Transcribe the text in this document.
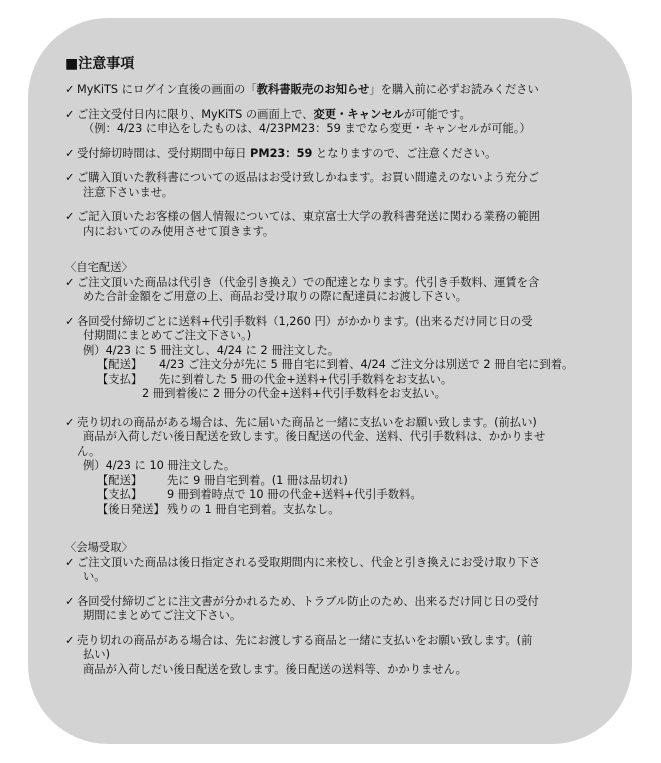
■注意事項
✓ MyKiTS にログイン直後の画面の「教科書販売のお知らせ」を購入前に必ずお読みください
✓ ご注文受付日内に限り、MyKiTS の画面上で、変更・キャンセルが可能です。
（例：4/23 に申込をしたものは、4/23PM23：59 までなら変更・キャンセルが可能。）
✓ 受付締切時間は、受付期間中毎日 PM23：59 となりますので、ご注意ください。
✓ ご購入頂いた教科書についての返品はお受け致しかねます。お買い間違えのないよう充分ご
注意下さいませ。
✓ ご記入頂いたお客様の個人情報については、東京富士大学の教科書発送に関わる業務の範囲
内においてのみ使用させて頂きます。
〈自宅配送〉
✓ ご注文頂いた商品は代引き（代金引き換え）での配達となります。代引き手数料、運賃を含
めた合計金額をご用意の上、商品お受け取りの際に配達員にお渡し下さい。
✓ 各回受付締切ごとに送料+代引手数料（1,260 円）がかかります。(出来るだけ同じ日の受
付期間にまとめてご注文下さい。)
例）4/23 に 5 冊注文し、4/24 に 2 冊注文した。
【配送】	4/23 ご注文分が先に 5 冊自宅に到着、4/24 ご注文分は別送で 2 冊自宅に到着。
【支払】	先に到着した 5 冊の代金+送料+代引手数料をお支払い。
2 冊到着後に 2 冊分の代金+送料+代引手数料をお支払い。
✓ 売り切れの商品がある場合は、先に届いた商品と一緒に支払いをお願い致します。(前払い)
商品が入荷しだい後日配送を致します。後日配送の代金、送料、代引手数料は、かかりませ
ん。
例）4/23 に 10 冊注文した。
【配送】	先に 9 冊自宅到着。(1 冊は品切れ)
【支払】	9 冊到着時点で 10 冊の代金+送料+代引手数料。
【後日発送】 残りの 1 冊自宅到着。支払なし。
〈会場受取〉
✓ ご注文頂いた商品は後日指定される受取期間内に来校し、代金と引き換えにお受け取り下さ
い。
✓ 各回受付締切ごとに注文書が分かれるため、トラブル防止のため、出来るだけ同じ日の受付
期間にまとめてご注文下さい。
✓ 売り切れの商品がある場合は、先にお渡しする商品と一緒に支払いをお願い致します。(前
払い)
商品が入荷しだい後日配送を致します。後日配送の送料等、かかりません。
